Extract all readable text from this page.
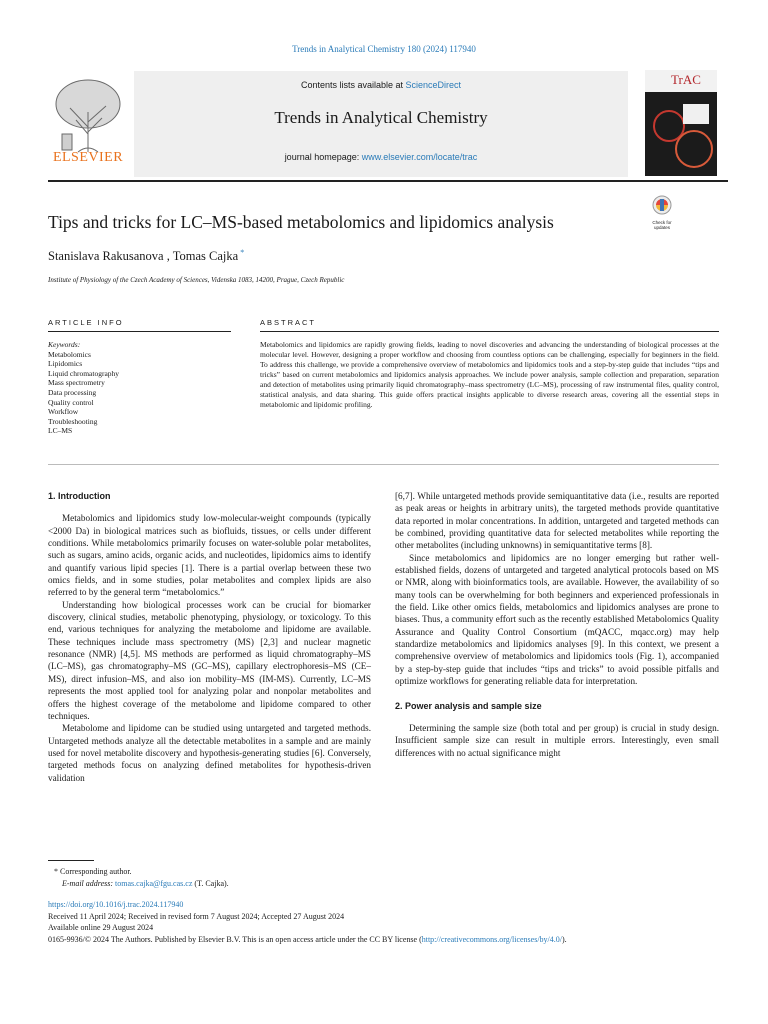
Trends in Analytical Chemistry 180 (2024) 117940
ELSEVIER
Contents lists available at ScienceDirect
Trends in Analytical Chemistry
journal homepage: www.elsevier.com/locate/trac
TrAC
Tips and tricks for LC–MS-based metabolomics and lipidomics analysis	Check for updates
Stanislava Rakusanova , Tomas Cajka *
Institute of Physiology of the Czech Academy of Sciences, Videnska 1083, 14200, Prague, Czech Republic
ARTICLE INFO	ABSTRACT
Keywords:
Metabolomics
Lipidomics
Liquid chromatography
Mass spectrometry
Data processing
Quality control
Workflow
Troubleshooting
LC–MS
Metabolomics and lipidomics are rapidly growing fields, leading to novel discoveries and advancing the understanding of biological processes at the molecular level. However, designing a proper workflow and choosing from countless options can be challenging, especially for beginners in the field. To address this challenge, we provide a comprehensive overview of metabolomics and lipidomics tools and a step-by-step guide that includes “tips and tricks” based on current metabolomics and lipidomics analysis approaches. We include power analysis, sample collection and preparation, separation and detection of metabolites using primarily liquid chromatography–mass spectrometry (LC–MS), processing of raw instrumental files, quality control, statistical analysis, and data sharing. This guide offers practical insights applicable to diverse research areas, covering all the essential steps in metabolomic and lipidomic profiling.

1. Introduction

Metabolomics and lipidomics study low-molecular-weight compounds (typically <2000 Da) in biological matrices such as biofluids, tissues, or cells under different conditions. While metabolomics primarily focuses on water-soluble polar metabolites, such as sugars, amino acids, organic acids, and nucleotides, lipidomics aims to identify and quantify various lipid species [1]. There is a partial overlap between these two omics fields, and in some studies, polar metabolites and complex lipids are also referred to by the general term “metabolomics.”

Understanding how biological processes work can be crucial for biomarker discovery, clinical studies, metabolic phenotyping, physiology, or toxicology. To this end, various techniques for analyzing the metabolome and lipidome are available. These techniques include mass spectrometry (MS) [2,3] and nuclear magnetic resonance (NMR) [4,5]. MS methods are performed as liquid chromatography–MS (LC–MS), gas chromatography–MS (GC–MS), capillary electrophoresis–MS (CE–MS), direct infusion–MS, and also ion mobility–MS (IM-MS). Currently, LC–MS represents the most applied tool for analyzing polar and nonpolar metabolites and offers the highest coverage of the metabolome and lipidome compared to other techniques.

Metabolome and lipidome can be studied using untargeted and targeted methods. Untargeted methods analyze all the detectable metabolites in a sample and are mainly used for novel metabolite discovery and hypothesis-generating studies [6]. Conversely, targeted methods focus on analyzing defined metabolites for hypothesis-driven validation

[6,7]. While untargeted methods provide semiquantitative data (i.e., results are reported as peak areas or heights in arbitrary units), the targeted methods provide quantitative data reported in molar concentrations. In addition, untargeted and targeted methods can be combined, providing quantitative data for selected metabolites while reporting the other metabolites (including unknowns) in semiquantitative terms [8].

Since metabolomics and lipidomics are no longer emerging but rather well-established fields, dozens of untargeted and targeted analytical protocols based on MS or NMR, along with bioinformatics tools, are available. However, the availability of so many tools can be overwhelming for both beginners and experienced professionals in the field. Like other omics fields, metabolomics and lipidomics analyses are prone to biases. Thus, a community effort such as the recently established Metabolomics Quality Assurance and Quality Control Consortium (mQACC, mqacc.org) may help standardize metabolomics and lipidomics analyses [9]. In this context, we present a comprehensive overview of metabolomics and lipidomics tools (Fig. 1), accompanied by a step-by-step guide that includes “tips and tricks” to avoid possible pitfalls and optimize workflows for generating reliable data for interpretation.

2. Power analysis and sample size

Determining the sample size (both total and per group) is crucial in study design. Insufficient sample size can result in multiple errors. Interestingly, even small differences with no actual significance might

* Corresponding author.
E-mail address: tomas.cajka@fgu.cas.cz (T. Cajka).
https://doi.org/10.1016/j.trac.2024.117940
Received 11 April 2024; Received in revised form 7 August 2024; Accepted 27 August 2024
Available online 29 August 2024
0165-9936/© 2024 The Authors. Published by Elsevier B.V. This is an open access article under the CC BY license (http://creativecommons.org/licenses/by/4.0/).
